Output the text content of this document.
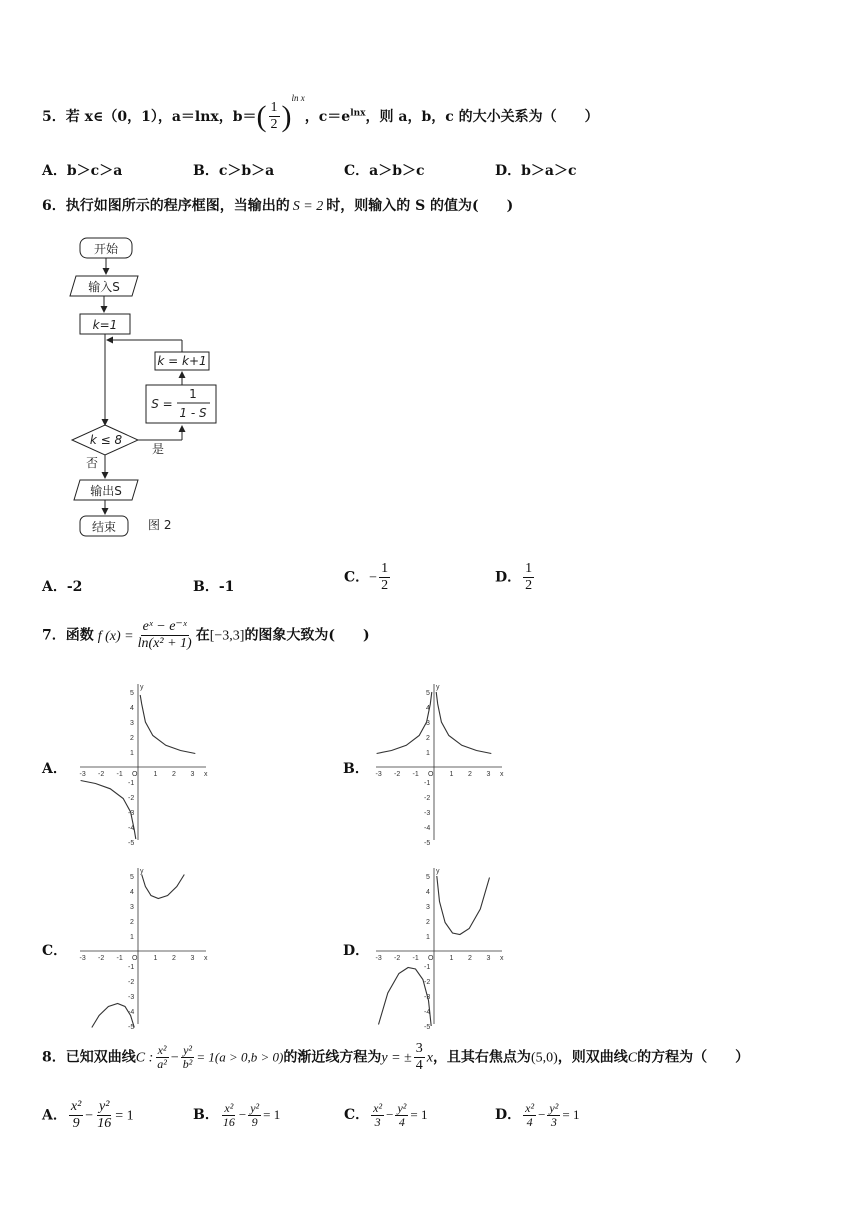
5．若 x∈（0，1），a＝lnx，$b=( \frac{1}{2} )^{ln x}$，$c=e^{lnx}$，则 a，b，c 的大小关系为（　　）
A．b＞c＞a	B．c＞b＞a	C．a＞b＞c	D．b＞a＞c
6．执行如图所示的程序框图，当输出的 S = 2 时，则输入的 S 的值为(　　)
开始
输入S
k=1
k = k+1
S =
1
1 - S
k ≤ 8
是
否
输出S
结束	图 2
A．-2	B．-1
C．− $\frac{1}{2}$	D． $\frac{1}{2}$
7．函数 f $(x) = \frac{\text{eˣ − e⁻ˣ}}{\text{ln(x² + 1)}}$ 在[−3,3]的图象大致为(　　)
A．	B．
C．	D．
-3 -2 -1 O 1 2 3 x
5
4
3
2
1
-1
-2
-3
-4
-5
y
-3 -2 -1 O 1 2 3 x
5
4
3
2
1
-1
-2
-3
-4
-5
y
-3 -2 -1 O 1 2 3 x
5
4
3
2
1
-1
-2
-3
-4
-5
y
-3 -2 -1 O 1 2 3 x
5
4
3
2
1
-1
-2
-3
-4
-5
y
8．已知双曲线C : $\frac{\text{x²}}{\text{a²}} - \frac{\text{y²}}{\text{b²}} = 1(a > 0,b > 0)$的渐近线方程为y = ± $\frac{3}{4}$ x，且其右焦点为(5,0)，则双曲线C的方程为（　　）
A． $\frac{\text{x²}}{9} - \frac{\text{y²}}{16} = 1$	B． $\frac{\text{x²}}{16} - \frac{\text{y²}}{9} = 1$	C． $\frac{\text{x²}}{3} - \frac{\text{y²}}{4} = 1$	D． $\frac{\text{x²}}{4} - \frac{\text{y²}}{3} = 1$
